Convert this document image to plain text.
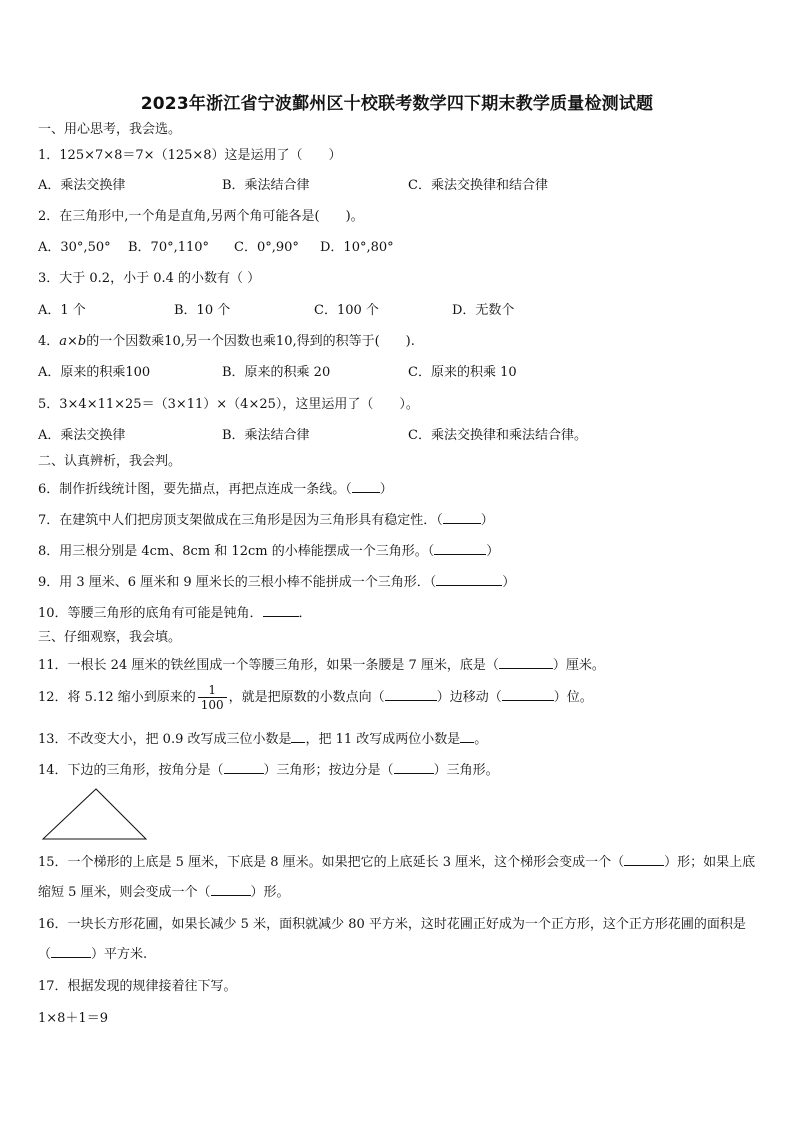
2023年浙江省宁波鄞州区十校联考数学四下期末教学质量检测试题
一、用心思考，我会选。
1．125×7×8＝7×（125×8）这是运用了（　　）
A．乘法交换律	B．乘法结合律	C．乘法交换律和结合律
2．在三角形中,一个角是直角,另两个角可能各是(　　)。
A．30°,50° B．70°,110° C．0°,90° D．10°,80°
3．大于 0.2，小于 0.4 的小数有（ ）
A．1 个	B．10 个	C．100 个	D．无数个
4．a×b的一个因数乘10,另一个因数也乘10,得到的积等于(　　).
A．原来的积乘100	B．原来的积乘 20	C．原来的积乘 10
5．3×4×11×25＝（3×11）×（4×25），这里运用了（　　）。
A．乘法交换律	B．乘法结合律	C．乘法交换律和乘法结合律。
二、认真辨析，我会判。
6．制作折线统计图，要先描点，再把点连成一条线。（ ）
7．在建筑中人们把房顶支架做成在三角形是因为三角形具有稳定性．（	）
8．用三根分别是 4cm、8cm 和 12cm 的小棒能摆成一个三角形。（	）
9．用 3 厘米、6 厘米和 9 厘米长的三根小棒不能拼成一个三角形．（	）
10．等腰三角形的底角有可能是钝角．	．
三、仔细观察，我会填。
11．一根长 24 厘米的铁丝围成一个等腰三角形，如果一条腰是 7 厘米，底是（	）厘米。
12．将 5.12 缩小到原来的 $\frac{1}{100}$ ，就是把原数的小数点向（	）边移动（	）位。
13．不改变大小，把 0.9 改写成三位小数是 ，把 11 改写成两位小数是 。
14．下边的三角形，按角分是（	）三角形；按边分是（	）三角形。
15．一个梯形的上底是 5 厘米，下底是 8 厘米。如果把它的上底延长 3 厘米，这个梯形会变成一个（	）形；如果上底缩短 5 厘米，则会变成一个（	）形。
16．一块长方形花圃，如果长减少 5 米，面积就减少 80 平方米，这时花圃正好成为一个正方形，这个正方形花圃的面积是（	）平方米.
17．根据发现的规律接着往下写。
1×8＋1＝9
